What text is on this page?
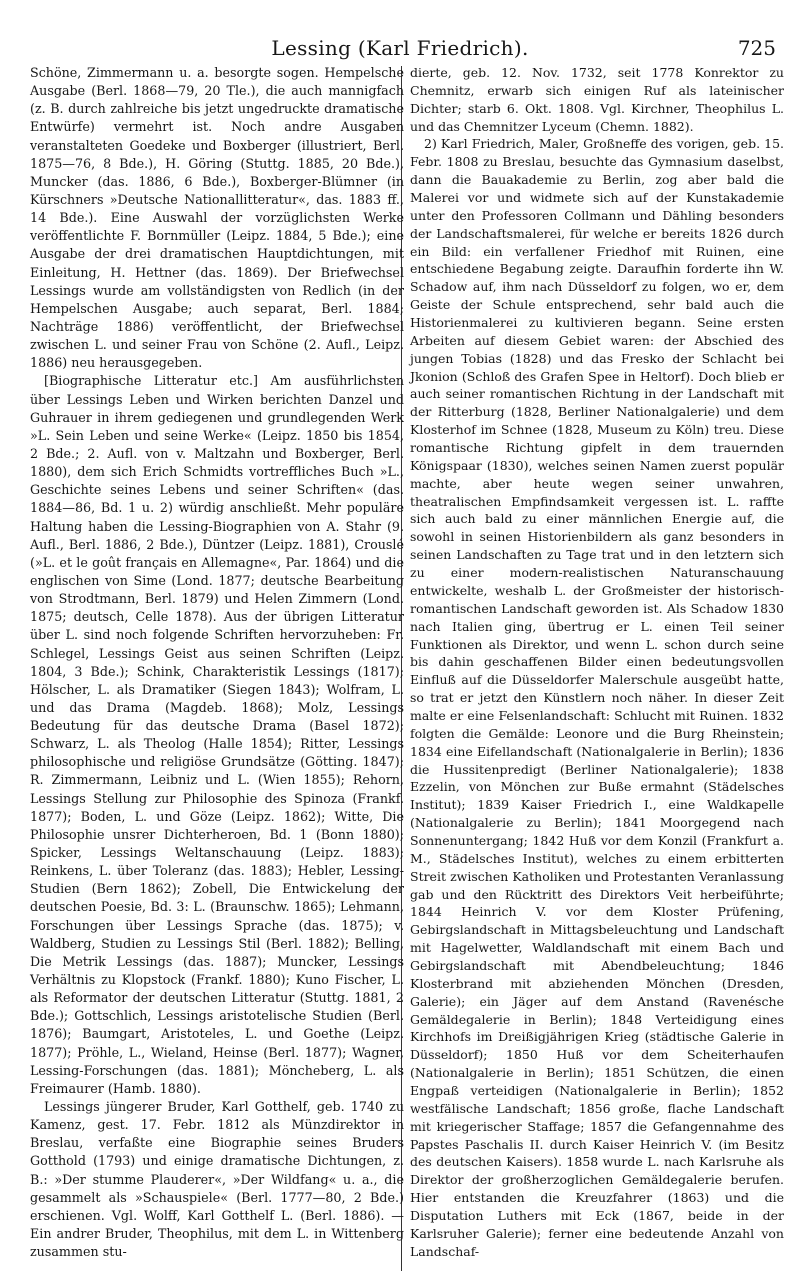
Lessing (Karl Friedrich).	725

Schöne, Zimmermann u. a. besorgte sogen. Hempelsche Ausgabe (Berl. 1868—79, 20 Tle.), die auch mannigfach (z. B. durch zahlreiche bis jetzt ungedruckte dramatische Entwürfe) vermehrt ist. Noch andre Ausgaben veranstalteten Goedeke und Boxberger (illustriert, Berl. 1875—76, 8 Bde.), H. Göring (Stuttg. 1885, 20 Bde.), Muncker (das. 1886, 6 Bde.), Boxberger-Blümner (in Kürschners »Deutsche Nationallitteratur«, das. 1883 ff., 14 Bde.). Eine Auswahl der vorzüglichsten Werke veröffentlichte F. Bornmüller (Leipz. 1884, 5 Bde.); eine Ausgabe der drei dramatischen Hauptdichtungen, mit Einleitung, H. Hettner (das. 1869). Der Briefwechsel Lessings wurde am vollständigsten von Redlich (in der Hempelschen Ausgabe; auch separat, Berl. 1884; Nachträge 1886) veröffentlicht, der Briefwechsel zwischen L. und seiner Frau von Schöne (2. Aufl., Leipz. 1886) neu herausgegeben.

[Biographische Litteratur etc.] Am ausführlichsten über Lessings Leben und Wirken berichten Danzel und Guhrauer in ihrem gediegenen und grundlegenden Werk »L. Sein Leben und seine Werke« (Leipz. 1850 bis 1854, 2 Bde.; 2. Aufl. von v. Maltzahn und Boxberger, Berl. 1880), dem sich Erich Schmidts vortreffliches Buch »L., Geschichte seines Lebens und seiner Schriften« (das. 1884—86, Bd. 1 u. 2) würdig anschließt. Mehr populäre Haltung haben die Lessing-Biographien von A. Stahr (9. Aufl., Berl. 1886, 2 Bde.), Düntzer (Leipz. 1881), Crouslé (»L. et le goût français en Allemagne«, Par. 1864) und die englischen von Sime (Lond. 1877; deutsche Bearbeitung von Strodtmann, Berl. 1879) und Helen Zimmern (Lond. 1875; deutsch, Celle 1878). Aus der übrigen Litteratur über L. sind noch folgende Schriften hervorzuheben: Fr. Schlegel, Lessings Geist aus seinen Schriften (Leipz. 1804, 3 Bde.); Schink, Charakteristik Lessings (1817); Hölscher, L. als Dramatiker (Siegen 1843); Wolfram, L. und das Drama (Magdeb. 1868); Molz, Lessings Bedeutung für das deutsche Drama (Basel 1872); Schwarz, L. als Theolog (Halle 1854); Ritter, Lessings philosophische und religiöse Grundsätze (Götting. 1847); R. Zimmermann, Leibniz und L. (Wien 1855); Rehorn, Lessings Stellung zur Philosophie des Spinoza (Frankf. 1877); Boden, L. und Göze (Leipz. 1862); Witte, Die Philosophie unsrer Dichterheroen, Bd. 1 (Bonn 1880); Spicker, Lessings Weltanschauung (Leipz. 1883); Reinkens, L. über Toleranz (das. 1883); Hebler, Lessing-Studien (Bern 1862); Zobell, Die Entwickelung der deutschen Poesie, Bd. 3: L. (Braunschw. 1865); Lehmann, Forschungen über Lessings Sprache (das. 1875); v. Waldberg, Studien zu Lessings Stil (Berl. 1882); Belling, Die Metrik Lessings (das. 1887); Muncker, Lessings Verhältnis zu Klopstock (Frankf. 1880); Kuno Fischer, L. als Reformator der deutschen Litteratur (Stuttg. 1881, 2 Bde.); Gottschlich, Lessings aristotelische Studien (Berl. 1876); Baumgart, Aristoteles, L. und Goethe (Leipz. 1877); Pröhle, L., Wieland, Heinse (Berl. 1877); Wagner, Lessing-Forschungen (das. 1881); Möncheberg, L. als Freimaurer (Hamb. 1880).

Lessings jüngerer Bruder, Karl Gotthelf, geb. 1740 zu Kamenz, gest. 17. Febr. 1812 als Münzdirektor in Breslau, verfaßte eine Biographie seines Bruders Gotthold (1793) und einige dramatische Dichtungen, z. B.: »Der stumme Plauderer«, »Der Wildfang« u. a., die gesammelt als »Schauspiele« (Berl. 1777—80, 2 Bde.) erschienen. Vgl. Wolff, Karl Gotthelf L. (Berl. 1886). — Ein andrer Bruder, Theophilus, mit dem L. in Wittenberg zusammen stu-

dierte, geb. 12. Nov. 1732, seit 1778 Konrektor zu Chemnitz, erwarb sich einigen Ruf als lateinischer Dichter; starb 6. Okt. 1808. Vgl. Kirchner, Theophilus L. und das Chemnitzer Lyceum (Chemn. 1882).

2) Karl Friedrich, Maler, Großneffe des vorigen, geb. 15. Febr. 1808 zu Breslau, besuchte das Gymnasium daselbst, dann die Bauakademie zu Berlin, zog aber bald die Malerei vor und widmete sich auf der Kunstakademie unter den Professoren Collmann und Dähling besonders der Landschaftsmalerei, für welche er bereits 1826 durch ein Bild: ein verfallener Friedhof mit Ruinen, eine entschiedene Begabung zeigte. Daraufhin forderte ihn W. Schadow auf, ihm nach Düsseldorf zu folgen, wo er, dem Geiste der Schule entsprechend, sehr bald auch die Historienmalerei zu kultivieren begann. Seine ersten Arbeiten auf diesem Gebiet waren: der Abschied des jungen Tobias (1828) und das Fresko der Schlacht bei Jkonion (Schloß des Grafen Spee in Heltorf). Doch blieb er auch seiner romantischen Richtung in der Landschaft mit der Ritterburg (1828, Berliner Nationalgalerie) und dem Klosterhof im Schnee (1828, Museum zu Köln) treu. Diese romantische Richtung gipfelt in dem trauernden Königspaar (1830), welches seinen Namen zuerst populär machte, aber heute wegen seiner unwahren, theatralischen Empfindsamkeit vergessen ist. L. raffte sich auch bald zu einer männlichen Energie auf, die sowohl in seinen Historienbildern als ganz besonders in seinen Landschaften zu Tage trat und in den letztern sich zu einer modern-realistischen Naturanschauung entwickelte, weshalb L. der Großmeister der historisch-romantischen Landschaft geworden ist. Als Schadow 1830 nach Italien ging, übertrug er L. einen Teil seiner Funktionen als Direktor, und wenn L. schon durch seine bis dahin geschaffenen Bilder einen bedeutungsvollen Einfluß auf die Düsseldorfer Malerschule ausgeübt hatte, so trat er jetzt den Künstlern noch näher. In dieser Zeit malte er eine Felsenlandschaft: Schlucht mit Ruinen. 1832 folgten die Gemälde: Leonore und die Burg Rheinstein; 1834 eine Eifellandschaft (Nationalgalerie in Berlin); 1836 die Hussitenpredigt (Berliner Nationalgalerie); 1838 Ezzelin, von Mönchen zur Buße ermahnt (Städelsches Institut); 1839 Kaiser Friedrich I., eine Waldkapelle (Nationalgalerie zu Berlin); 1841 Moorgegend nach Sonnenuntergang; 1842 Huß vor dem Konzil (Frankfurt a. M., Städelsches Institut), welches zu einem erbitterten Streit zwischen Katholiken und Protestanten Veranlassung gab und den Rücktritt des Direktors Veit herbeiführte; 1844 Heinrich V. vor dem Kloster Prüfening, Gebirgslandschaft in Mittagsbeleuchtung und Landschaft mit Hagelwetter, Waldlandschaft mit einem Bach und Gebirgslandschaft mit Abendbeleuchtung; 1846 Klosterbrand mit abziehenden Mönchen (Dresden, Galerie); ein Jäger auf dem Anstand (Ravenésche Gemäldegalerie in Berlin); 1848 Verteidigung eines Kirchhofs im Dreißigjährigen Krieg (städtische Galerie in Düsseldorf); 1850 Huß vor dem Scheiterhaufen (Nationalgalerie in Berlin); 1851 Schützen, die einen Engpaß verteidigen (Nationalgalerie in Berlin); 1852 westfälische Landschaft; 1856 große, flache Landschaft mit kriegerischer Staffage; 1857 die Gefangennahme des Papstes Paschalis II. durch Kaiser Heinrich V. (im Besitz des deutschen Kaisers). 1858 wurde L. nach Karlsruhe als Direktor der großherzoglichen Gemäldegalerie berufen. Hier entstanden die Kreuzfahrer (1863) und die Disputation Luthers mit Eck (1867, beide in der Karlsruher Galerie); ferner eine bedeutende Anzahl von Landschaf-
